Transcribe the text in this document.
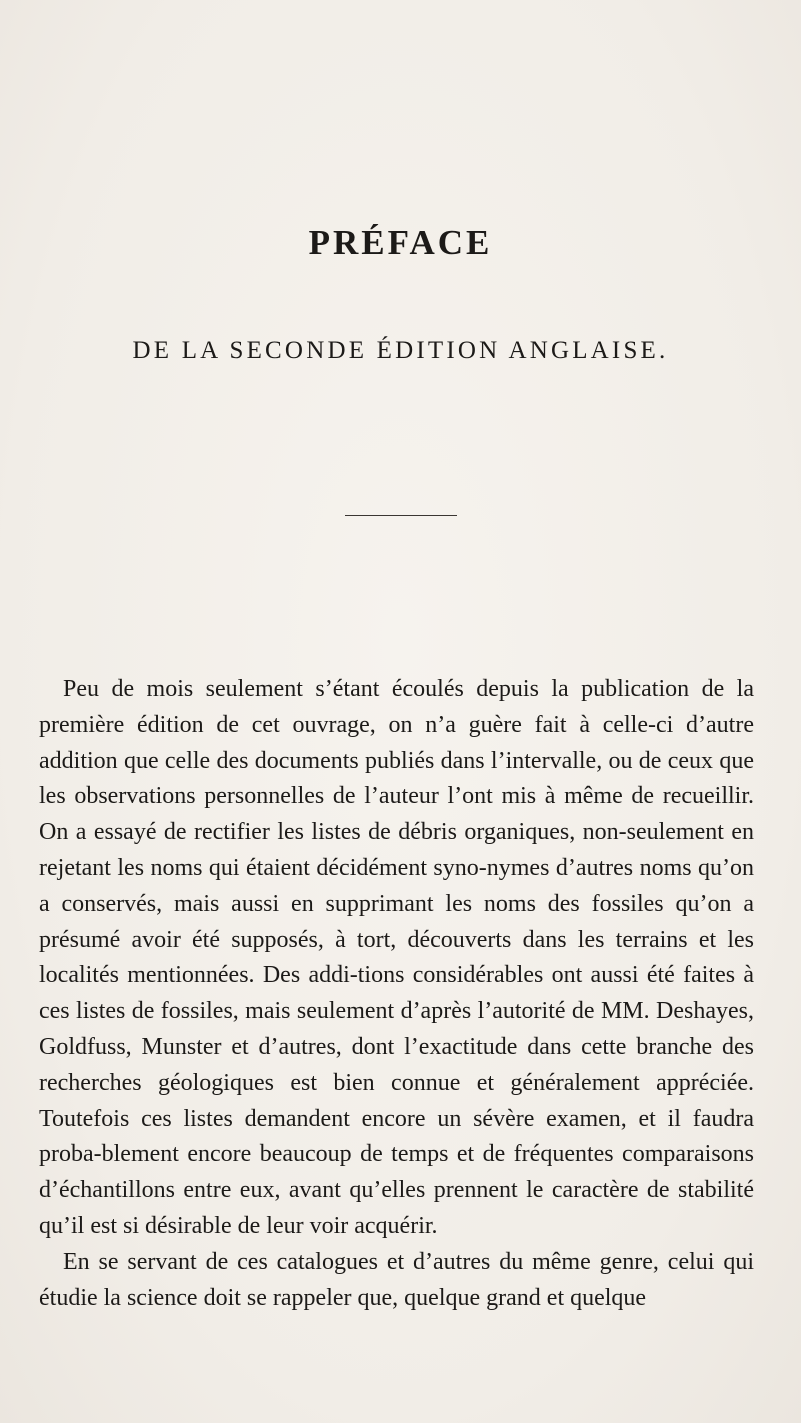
PRÉFACE
DE LA SECONDE ÉDITION ANGLAISE.

Peu de mois seulement s’étant écoulés depuis la publication de la première édition de cet ouvrage, on n’a guère fait à celle-ci d’autre addition que celle des documents publiés dans l’intervalle, ou de ceux que les observations personnelles de l’auteur l’ont mis à même de recueillir. On a essayé de rectifier les listes de débris organiques, non-seulement en rejetant les noms qui étaient décidément syno-nymes d’autres noms qu’on a conservés, mais aussi en supprimant les noms des fossiles qu’on a présumé avoir été supposés, à tort, découverts dans les terrains et les localités mentionnées. Des addi-tions considérables ont aussi été faites à ces listes de fossiles, mais seulement d’après l’autorité de MM. Deshayes, Goldfuss, Munster et d’autres, dont l’exactitude dans cette branche des recherches géologiques est bien connue et généralement appréciée. Toutefois ces listes demandent encore un sévère examen, et il faudra proba-blement encore beaucoup de temps et de fréquentes comparaisons d’échantillons entre eux, avant qu’elles prennent le caractère de stabilité qu’il est si désirable de leur voir acquérir.

En se servant de ces catalogues et d’autres du même genre, celui qui étudie la science doit se rappeler que, quelque grand et quelque
